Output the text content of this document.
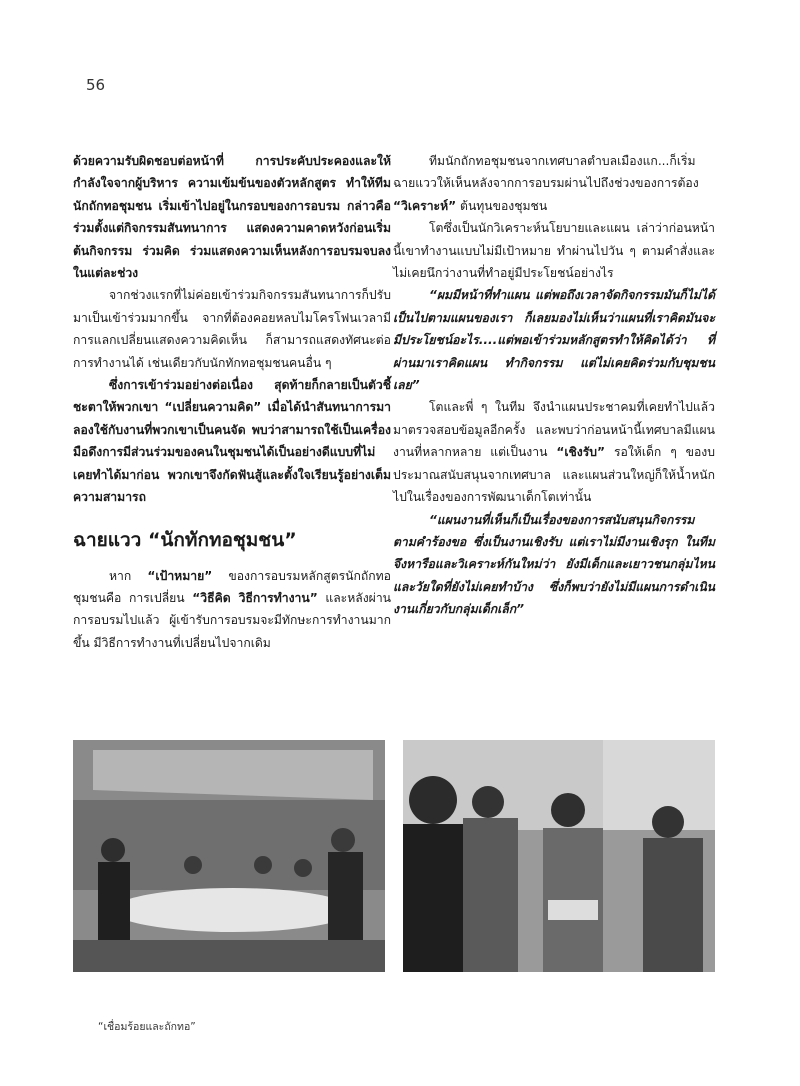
56

ด้วยความรับผิดชอบต่อหน้าที่ การประคับประคองและให้กำลังใจจากผู้บริหาร ความเข้มข้นของตัวหลักสูตร ทำให้ทีมนักถักทอชุมชน เริ่มเข้าไปอยู่ในกรอบของการอบรม กล่าวคือ ร่วมตั้งแต่กิจกรรมสันทนาการ แสดงความคาดหวังก่อนเริ่มต้นกิจกรรม ร่วมคิด ร่วมแสดงความเห็นหลังการอบรมจบลงในแต่ละช่วง

จากช่วงแรกที่ไม่ค่อยเข้าร่วมกิจกรรมสันทนาการก็ปรับมาเป็นเข้าร่วมมากขึ้น จากที่ต้องคอยหลบไมโครโฟนเวลามีการแลกเปลี่ยนแสดงความคิดเห็น ก็สามารถแสดงทัศนะต่อการทำงานได้ เช่นเดียวกับนักทักทอชุมชนคนอื่น ๆ

ซึ่งการเข้าร่วมอย่างต่อเนื่อง สุดท้ายก็กลายเป็นตัวชี้ชะตาให้พวกเขา “เปลี่ยนความคิด” เมื่อได้นำสันทนาการมาลองใช้กับงานที่พวกเขาเป็นคนจัด พบว่าสามารถใช้เป็นเครื่องมือดึงการมีส่วนร่วมของคนในชุมชนได้เป็นอย่างดีแบบที่ไม่เคยทำได้มาก่อน พวกเขาจึงกัดฟันสู้และตั้งใจเรียนรู้อย่างเต็มความสามารถ

ฉายแวว “นักทักทอชุมชน”

หาก “เป้าหมาย” ของการอบรมหลักสูตรนักถักทอชุมชนคือ การเปลี่ยน “วิธีคิด วิธีการทำงาน” และหลังผ่านการอบรมไปแล้ว ผู้เข้ารับการอบรมจะมีทักษะการทำงานมากขึ้น มีวิธีการทำงานที่เปลี่ยนไปจากเดิม

ทีมนักถักทอชุมชนจากเทศบาลตำบลเมืองแก...ก็เริ่มฉายแววให้เห็นหลังจากการอบรมผ่านไปถึงช่วงของการต้อง “วิเคราะห์” ต้นทุนของชุมชน

โตซึ่งเป็นนักวิเคราะห์นโยบายและแผน เล่าว่าก่อนหน้านี้เขาทำงานแบบไม่มีเป้าหมาย ทำผ่านไปวัน ๆ ตามคำสั่งและไม่เคยนึกว่างานที่ทำอยู่มีประโยชน์อย่างไร

“ผมมีหน้าที่ทำแผน แต่พอถึงเวลาจัดกิจกรรมมันก็ไม่ได้เป็นไปตามแผนของเรา ก็เลยมองไม่เห็นว่าแผนที่เราคิดมันจะมีประโยชน์อะไร....แต่พอเข้าร่วมหลักสูตรทำให้คิดได้ว่า ที่ผ่านมาเราคิดแผน ทำกิจกรรม แต่ไม่เคยคิดร่วมกับชุมชนเลย”

โตและพี่ ๆ ในทีม จึงนำแผนประชาคมที่เคยทำไปแล้ว มาตรวจสอบข้อมูลอีกครั้ง และพบว่าก่อนหน้านี้เทศบาลมีแผนงานที่หลากหลาย แต่เป็นงาน “เชิงรับ” รอให้เด็ก ๆ ของบประมาณสนับสนุนจากเทศบาล และแผนส่วนใหญ่ก็ให้น้ำหนักไปในเรื่องของการพัฒนาเด็กโตเท่านั้น

“แผนงานที่เห็นก็เป็นเรื่องของการสนับสนุนกิจกรรม ตามคำร้องขอ ซึ่งเป็นงานเชิงรับ แต่เราไม่มีงานเชิงรุก ในทีมจึงหารือและวิเคราะห์กันใหม่ว่า ยังมีเด็กและเยาวชนกลุ่มไหน และวัยใดที่ยังไม่เคยทำบ้าง ซึ่งก็พบว่ายังไม่มีแผนการดำเนินงานเกี่ยวกับกลุ่มเด็กเล็ก”

“เชื่อมร้อยและถักทอ”
